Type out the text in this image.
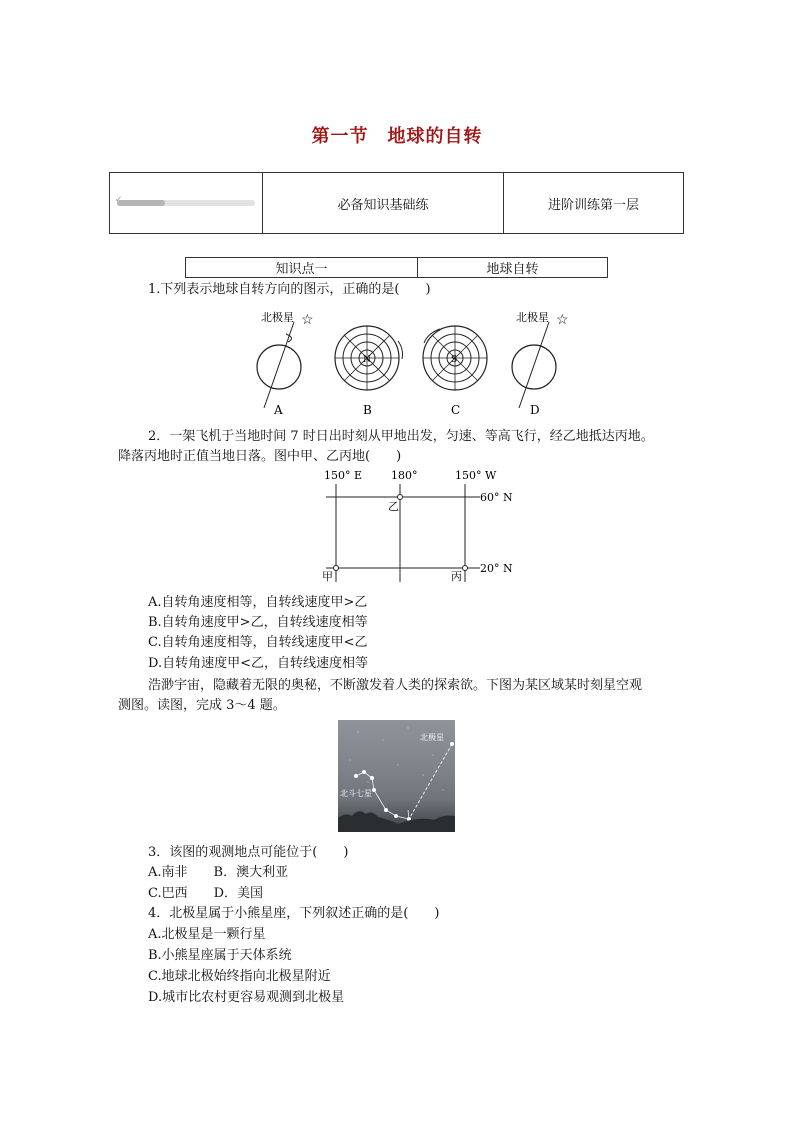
第一节　地球的自转
✓	必备知识基础练	进阶训练第一层
知识点一	地球自转
1.下列表示地球自转方向的图示，正确的是(　　)
北极星 ☆
A
N
B
S
C
北极星 ☆
D
2．一架飞机于当地时间 7 时日出时刻从甲地出发，匀速、等高飞行，经乙地抵达丙地。
降落丙地时正值当地日落。图中甲、乙丙地(　　)
150° E	180°	150° W
60° N
20° N
甲
乙
丙
A.自转角速度相等，自转线速度甲>乙
B.自转角速度甲>乙，自转线速度相等
C.自转角速度相等，自转线速度甲<乙
D.自转角速度甲<乙，自转线速度相等
浩渺宇宙，隐藏着无限的奥秘，不断激发着人类的探索欲。下图为某区域某时刻星空观
测图。读图，完成 3～4 题。
北极星
北斗七星
3．该图的观测地点可能位于(　　)
A.南非　　B．澳大利亚
C.巴西　　D．美国
4．北极星属于小熊星座，下列叙述正确的是(　　)
A.北极星是一颗行星
B.小熊星座属于天体系统
C.地球北极始终指向北极星附近
D.城市比农村更容易观测到北极星
